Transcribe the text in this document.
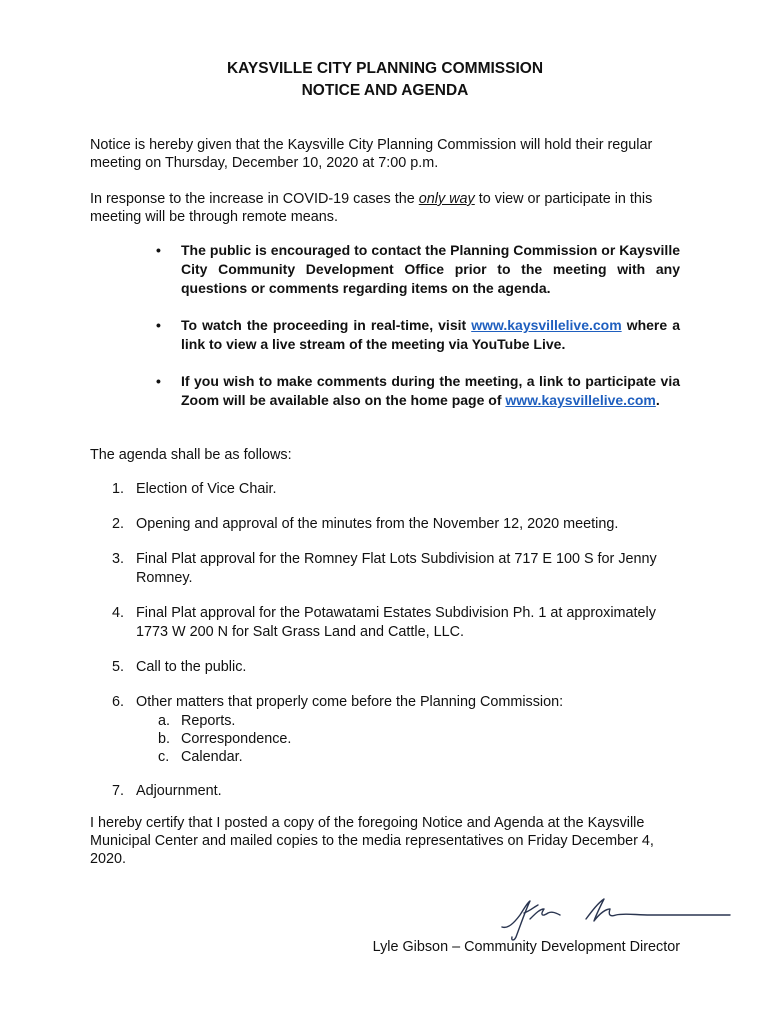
KAYSVILLE CITY PLANNING COMMISSION
NOTICE AND AGENDA

Notice is hereby given that the Kaysville City Planning Commission will hold their regular meeting on Thursday, December 10, 2020 at 7:00 p.m.

In response to the increase in COVID-19 cases the only way to view or participate in this meeting will be through remote means.

• The public is encouraged to contact the Planning Commission or Kaysville City Community Development Office prior to the meeting with any questions or comments regarding items on the agenda.
• To watch the proceeding in real-time, visit www.kaysvillelive.com where a link to view a live stream of the meeting via YouTube Live.
• If you wish to make comments during the meeting, a link to participate via Zoom will be available also on the home page of www.kaysvillelive.com.

The agenda shall be as follows:

1. Election of Vice Chair.
2. Opening and approval of the minutes from the November 12, 2020 meeting.
3. Final Plat approval for the Romney Flat Lots Subdivision at 717 E 100 S for Jenny Romney.
4. Final Plat approval for the Potawatami Estates Subdivision Ph. 1 at approximately 1773 W 200 N for Salt Grass Land and Cattle, LLC.
5. Call to the public.
6. Other matters that properly come before the Planning Commission:
a. Reports.
b. Correspondence.
c. Calendar.
7. Adjournment.

I hereby certify that I posted a copy of the foregoing Notice and Agenda at the Kaysville Municipal Center and mailed copies to the media representatives on Friday December 4, 2020.

Lyle Gibson – Community Development Director
